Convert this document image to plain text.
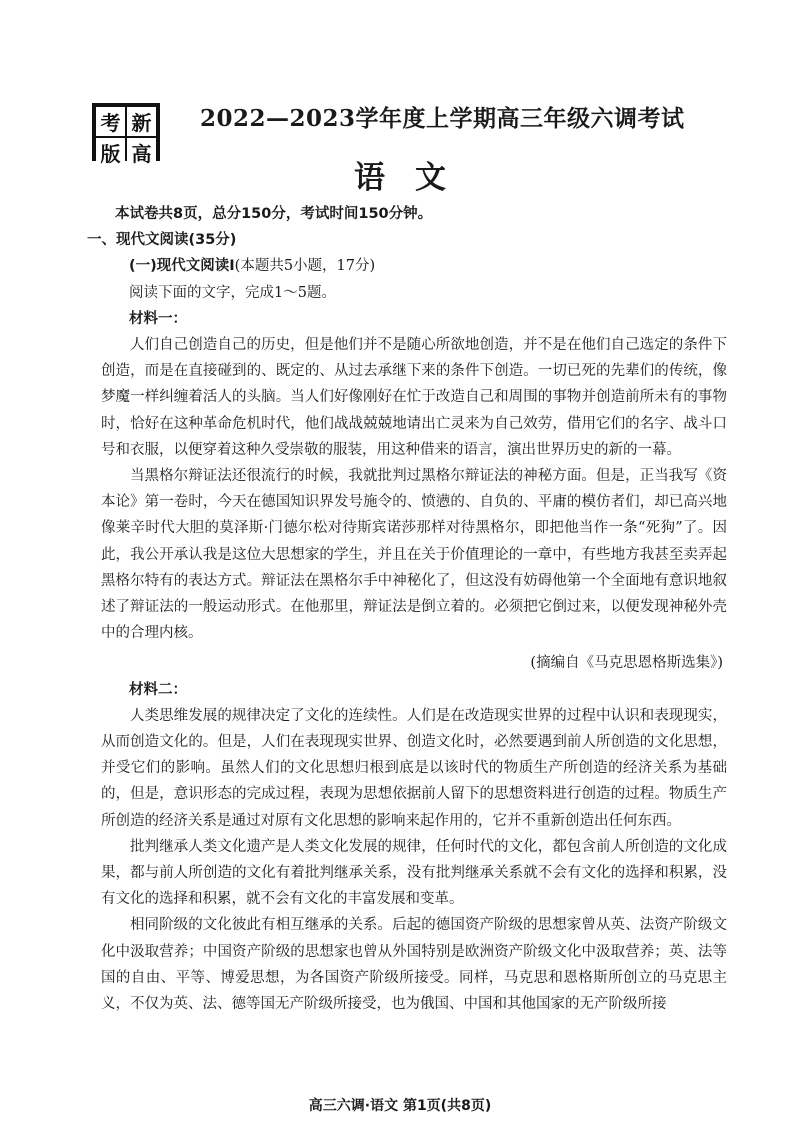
考 新
版 高
2022—2023学年度上学期高三年级六调考试
语文

本试卷共8页，总分150分，考试时间150分钟。

一、现代文阅读(35分)

(一)现代文阅读Ⅰ(本题共5小题，17分)

阅读下面的文字，完成1～5题。

材料一：

人们自己创造自己的历史，但是他们并不是随心所欲地创造，并不是在他们自己选定的条件下创造，而是在直接碰到的、既定的、从过去承继下来的条件下创造。一切已死的先辈们的传统，像梦魔一样纠缠着活人的头脑。当人们好像刚好在忙于改造自己和周围的事物并创造前所未有的事物时，恰好在这种革命危机时代，他们战战兢兢地请出亡灵来为自己效劳，借用它们的名字、战斗口号和衣服，以便穿着这种久受崇敬的服装，用这种借来的语言，演出世界历史的新的一幕。

当黑格尔辩证法还很流行的时候，我就批判过黑格尔辩证法的神秘方面。但是，正当我写《资本论》第一卷时，今天在德国知识界发号施令的、愤懑的、自负的、平庸的模仿者们，却已高兴地像莱辛时代大胆的莫泽斯·门德尔松对待斯宾诺莎那样对待黑格尔，即把他当作一条“死狗”了。因此，我公开承认我是这位大思想家的学生，并且在关于价值理论的一章中，有些地方我甚至卖弄起黑格尔特有的表达方式。辩证法在黑格尔手中神秘化了，但这没有妨碍他第一个全面地有意识地叙述了辩证法的一般运动形式。在他那里，辩证法是倒立着的。必须把它倒过来，以便发现神秘外壳中的合理内核。

(摘编自《马克思恩格斯选集》)

材料二：

人类思维发展的规律决定了文化的连续性。人们是在改造现实世界的过程中认识和表现现实，从而创造文化的。但是，人们在表现现实世界、创造文化时，必然要遇到前人所创造的文化思想，并受它们的影响。虽然人们的文化思想归根到底是以该时代的物质生产所创造的经济关系为基础的，但是，意识形态的完成过程，表现为思想依据前人留下的思想资料进行创造的过程。物质生产所创造的经济关系是通过对原有文化思想的影响来起作用的，它并不重新创造出任何东西。

批判继承人类文化遗产是人类文化发展的规律，任何时代的文化，都包含前人所创造的文化成果，都与前人所创造的文化有着批判继承关系，没有批判继承关系就不会有文化的选择和积累，没有文化的选择和积累，就不会有文化的丰富发展和变革。

相同阶级的文化彼此有相互继承的关系。后起的德国资产阶级的思想家曾从英、法资产阶级文化中汲取营养；中国资产阶级的思想家也曾从外国特别是欧洲资产阶级文化中汲取营养；英、法等国的自由、平等、博爱思想，为各国资产阶级所接受。同样，马克思和恩格斯所创立的马克思主义，不仅为英、法、德等国无产阶级所接受，也为俄国、中国和其他国家的无产阶级所接

高三六调·语文 第1页(共8页)
